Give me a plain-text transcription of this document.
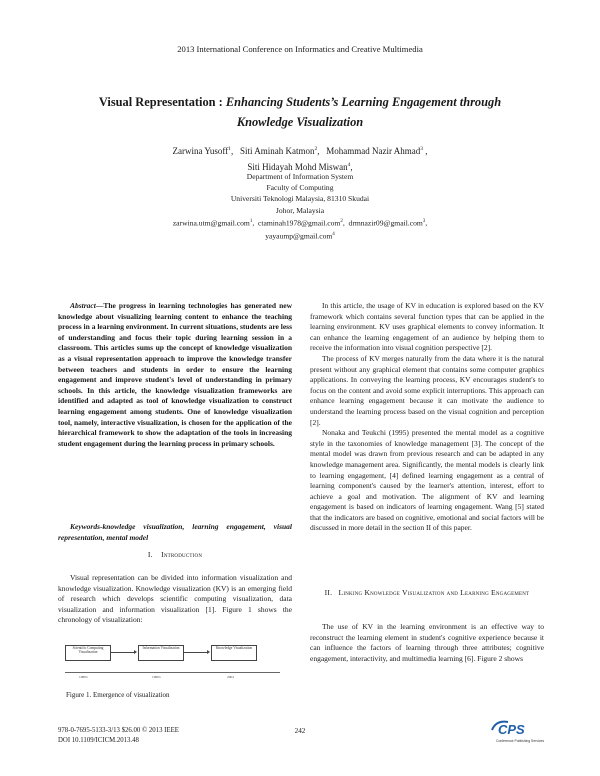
2013 International Conference on Informatics and Creative Multimedia
Visual Representation : Enhancing Students’s Learning Engagement through
Knowledge Visualization
Zarwina Yusoff$^1$,   Siti Aminah Katmon$^2$,   Mohammad Nazir Ahmad$^3$ ,
Siti Hidayah Mohd Miswan$^4$,
Department of Information System
Faculty of Computing
Universiti Teknologi Malaysia, 81310 Skudai
Johor, Malaysia
zarwina.utm@gmail.com$^1$,  ctaminah1978@gmail.com$^2$,  drmnazir09@gmail.com$^3$,
yayaump@gmail.com$^4$

Abstract—The progress in learning technologies has generated new knowledge about visualizing learning content to enhance the teaching process in a learning environment. In current situations, students are less of understanding and focus their topic during learning session in a classroom. This articles sums up the concept of knowledge visualization as a visual representation approach to improve the knowledge transfer between teachers and students in order to ensure the learning engagement and improve student's level of understanding in primary schools. In this article, the knowledge visualization frameworks are identified and adapted as tool of knowledge visualization to construct learning engagement among students. One of knowledge visualization tool, namely, interactive visualization, is chosen for the application of the hierarchical framework to show the adaptation of the tools in increasing student engagement during the learning process in primary schools.

Keywords-knowledge visualization, learning engagement, visual representation, mental model

I. Introduction

Visual representation can be divided into information visualization and knowledge visualization. Knowledge visualization (KV) is an emerging field of research which develops scientific computing visualization, data visualization and information visualization [1]. Figure 1 shows the chronology of visualization:

Scientific Computing Visualization
Information Visualization	Knowledge Visualization
1980's	1990's	2004
Figure 1. Emergence of visualization

In this article, the usage of KV in education is explored based on the KV framework which contains several function types that can be applied in the learning environment. KV uses graphical elements to convey information. It can enhance the learning engagement of an audience by helping them to receive the information into visual cognition perspective [2].

The process of KV merges naturally from the data where it is the natural present without any graphical element that contains some computer graphics applications. In conveying the learning process, KV encourages student's to focus on the content and avoid some explicit interruptions. This approach can enhance learning engagement because it can motivate the audience to understand the learning process based on the visual cognition and perception [2].

Nonaka and Teukchi (1995) presented the mental model as a cognitive style in the taxonomies of knowledge management [3]. The concept of the mental model was drawn from previous research and can be adapted in any knowledge management area. Significantly, the mental models is clearly link to learning engagement, [4] defined learning engagement as a central of learning component's caused by the learner's attention, interest, effort to achieve a goal and motivation. The alignment of KV and learning engagement is based on indicators of learning engagement. Wang [5] stated that the indicators are based on cognitive, emotional and social factors will be discussed in more detail in the section II of this paper.

II. Linking Knowledge Visualization and Learning Engagement

The use of KV in the learning environment is an effective way to reconstruct the learning element in student's cognitive experience because it can influence the factors of learning through three attributes; cognitive engagement, interactivity, and multimedia learning [6]. Figure 2 shows

978-0-7695-5133-3/13 $26.00 © 2013 IEEE
DOI 10.1109/ICICM.2013.48
242	CPS
Conference Publishing Services
